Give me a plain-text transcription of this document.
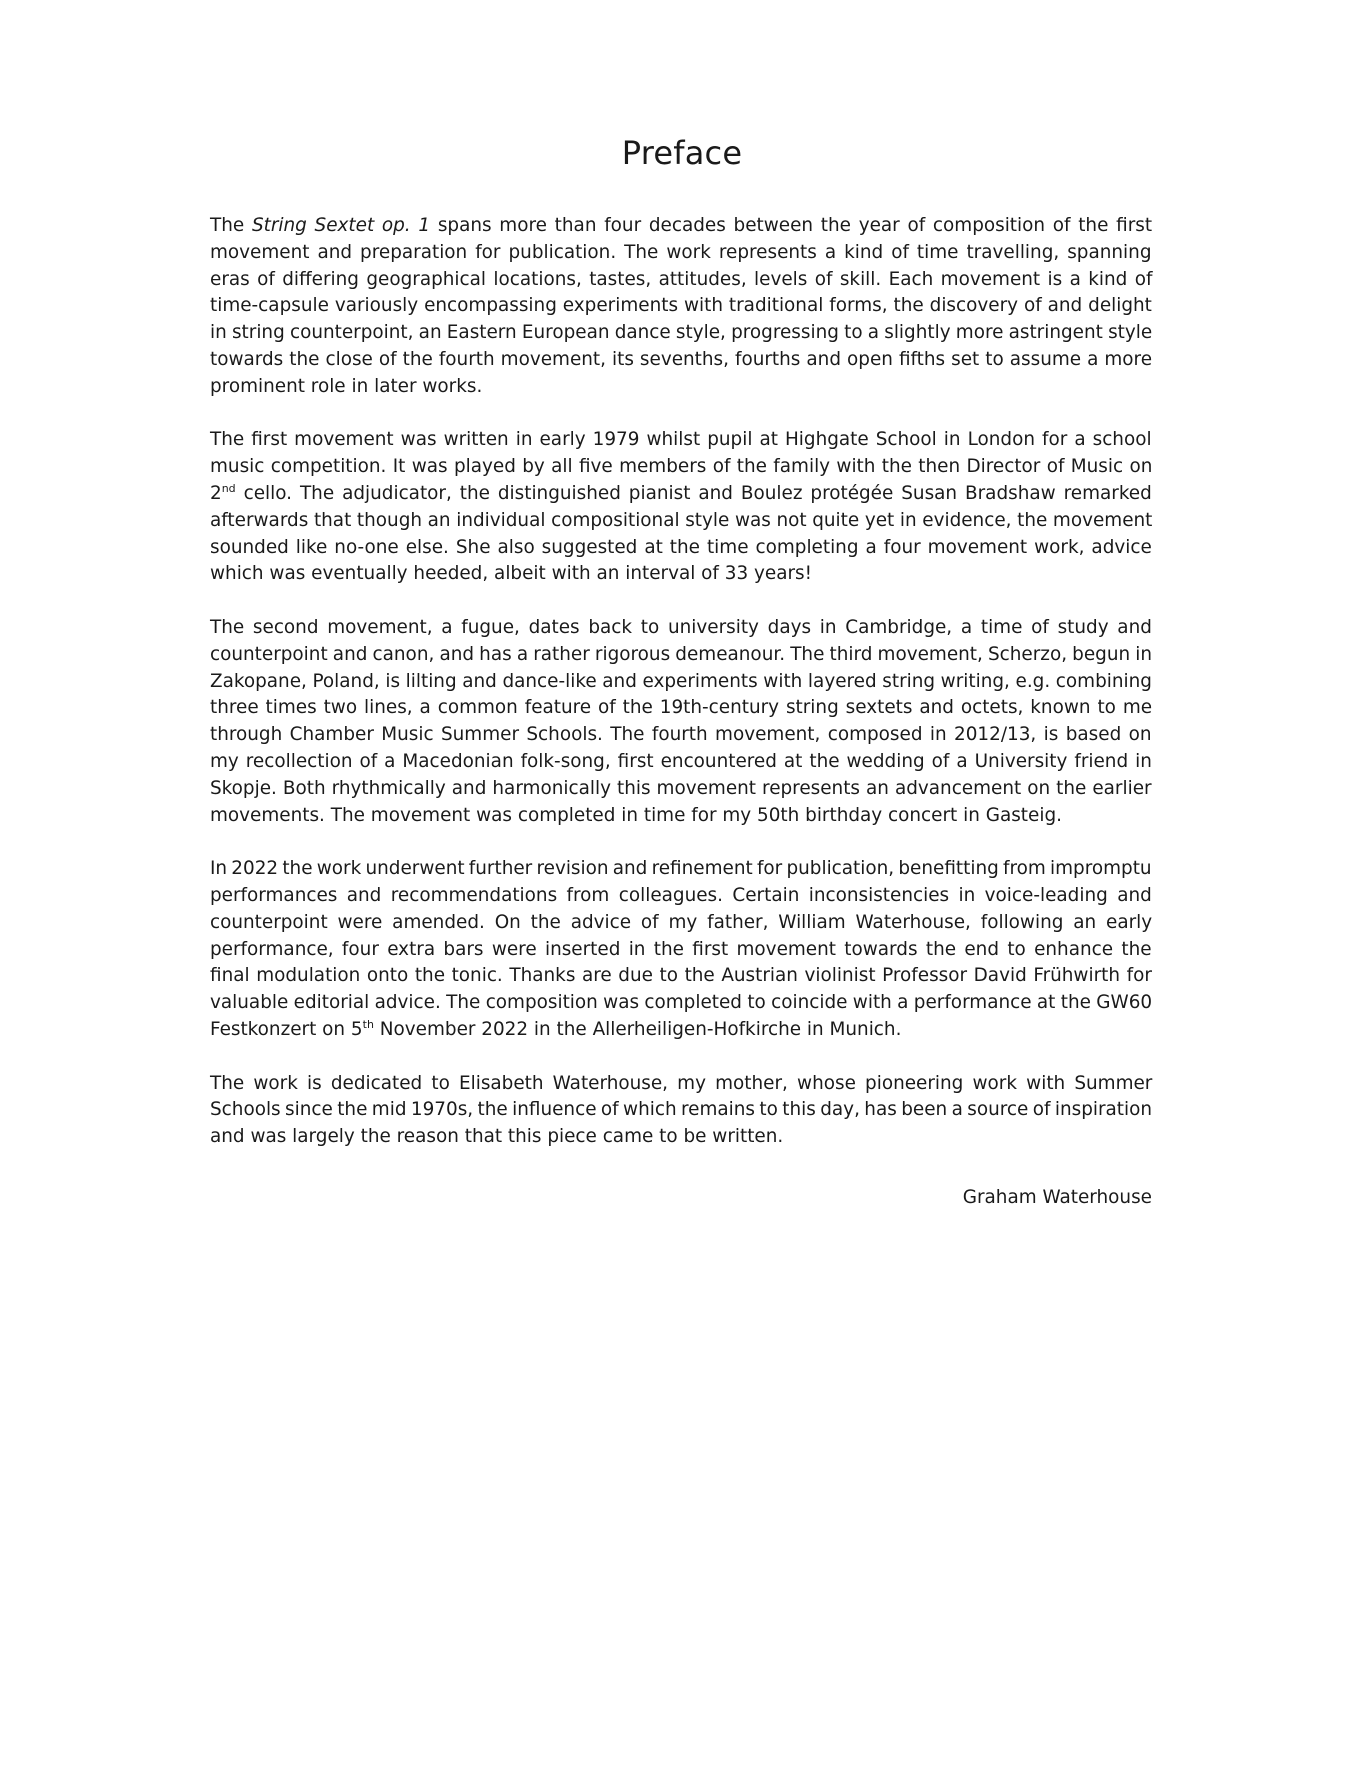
Preface

The String Sextet op. 1 spans more than four decades between the year of composition of the first
movement and preparation for publication. The work represents a kind of time travelling, spanning
eras of differing geographical locations, tastes, attitudes, levels of skill. Each movement is a kind of
time-capsule variously encompassing experiments with traditional forms, the discovery of and delight
in string counterpoint, an Eastern European dance style, progressing to a slightly more astringent style
towards the close of the fourth movement, its sevenths, fourths and open fifths set to assume a more
prominent role in later works.

The first movement was written in early 1979 whilst pupil at Highgate School in London for a school
music competition. It was played by all five members of the family with the then Director of Music on
2nd cello. The adjudicator, the distinguished pianist and Boulez protégée Susan Bradshaw remarked
afterwards that though an individual compositional style was not quite yet in evidence, the movement
sounded like no-one else. She also suggested at the time completing a four movement work, advice
which was eventually heeded, albeit with an interval of 33 years!

The second movement, a fugue, dates back to university days in Cambridge, a time of study and
counterpoint and canon, and has a rather rigorous demeanour. The third movement, Scherzo, begun in
Zakopane, Poland, is lilting and dance-like and experiments with layered string writing, e.g. combining
three times two lines, a common feature of the 19th-century string sextets and octets, known to me
through Chamber Music Summer Schools. The fourth movement, composed in 2012/13, is based on
my recollection of a Macedonian folk-song, first encountered at the wedding of a University friend in
Skopje. Both rhythmically and harmonically this movement represents an advancement on the earlier
movements. The movement was completed in time for my 50th birthday concert in Gasteig.

In 2022 the work underwent further revision and refinement for publication, benefitting from impromptu
performances and recommendations from colleagues. Certain inconsistencies in voice-leading and
counterpoint were amended. On the advice of my father, William Waterhouse, following an early
performance, four extra bars were inserted in the first movement towards the end to enhance the
final modulation onto the tonic. Thanks are due to the Austrian violinist Professor David Frühwirth for
valuable editorial advice. The composition was completed to coincide with a performance at the GW60
Festkonzert on 5th November 2022 in the Allerheiligen-Hofkirche in Munich.

The work is dedicated to Elisabeth Waterhouse, my mother, whose pioneering work with Summer
Schools since the mid 1970s, the influence of which remains to this day, has been a source of inspiration
and was largely the reason that this piece came to be written.

Graham Waterhouse
